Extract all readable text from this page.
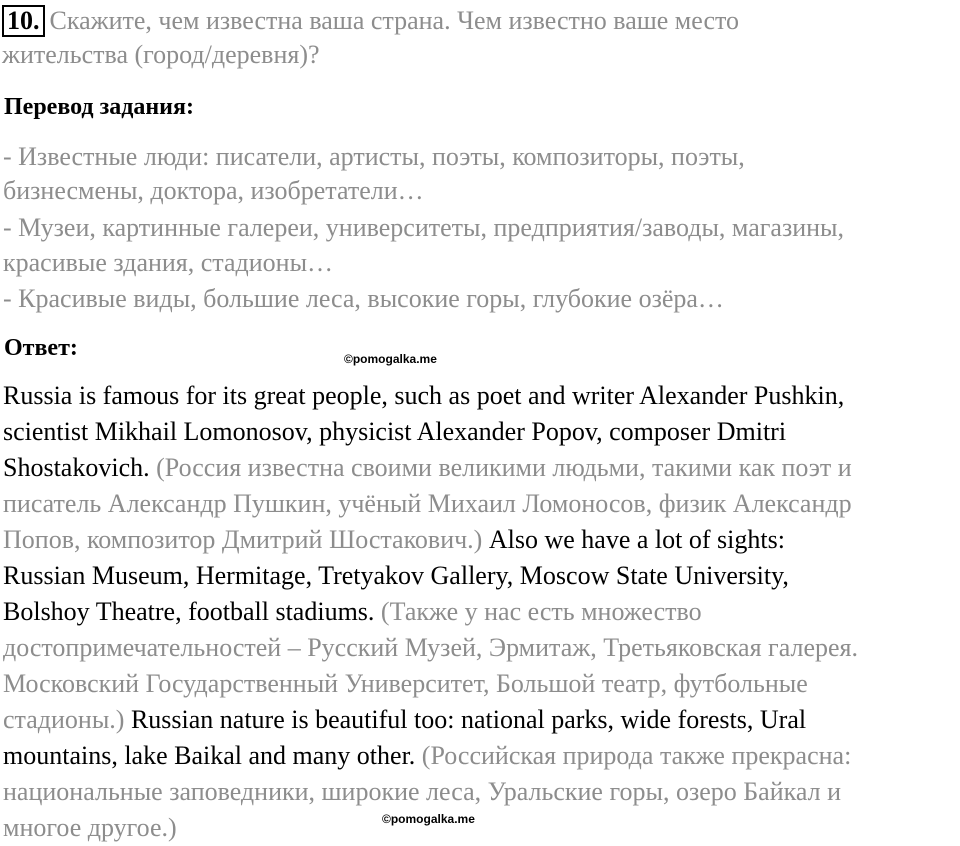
10. Скажите, чем известна ваша страна. Чем известно ваше место
жительства (город/деревня)?
Перевод задания:
- Известные люди: писатели, артисты, поэты, композиторы, поэты,
бизнесмены, доктора, изобретатели…
- Музеи, картинные галереи, университеты, предприятия/заводы, магазины,
красивые здания, стадионы…
- Красивые виды, большие леса, высокие горы, глубокие озёра…
Ответ:	©pomogalka.me
Russia is famous for its great people, such as poet and writer Alexander Pushkin,
scientist Mikhail Lomonosov, physicist Alexander Popov, composer Dmitri
Shostakovich. (Россия известна своими великими людьми, такими как поэт и
писатель Александр Пушкин, учёный Михаил Ломоносов, физик Александр
Попов, композитор Дмитрий Шостакович.) Also we have a lot of sights:
Russian Museum, Hermitage, Tretyakov Gallery, Moscow State University,
Bolshoy Theatre, football stadiums. (Также у нас есть множество
достопримечательностей – Русский Музей, Эрмитаж, Третьяковская галерея.
Московский Государственный Университет, Большой театр, футбольные
стадионы.) Russian nature is beautiful too: national parks, wide forests, Ural
mountains, lake Baikal and many other. (Российская природа также прекрасна:
национальные заповедники, широкие леса, Уральские горы, озеро Байкал и
многое другое.)	©pomogalka.me
